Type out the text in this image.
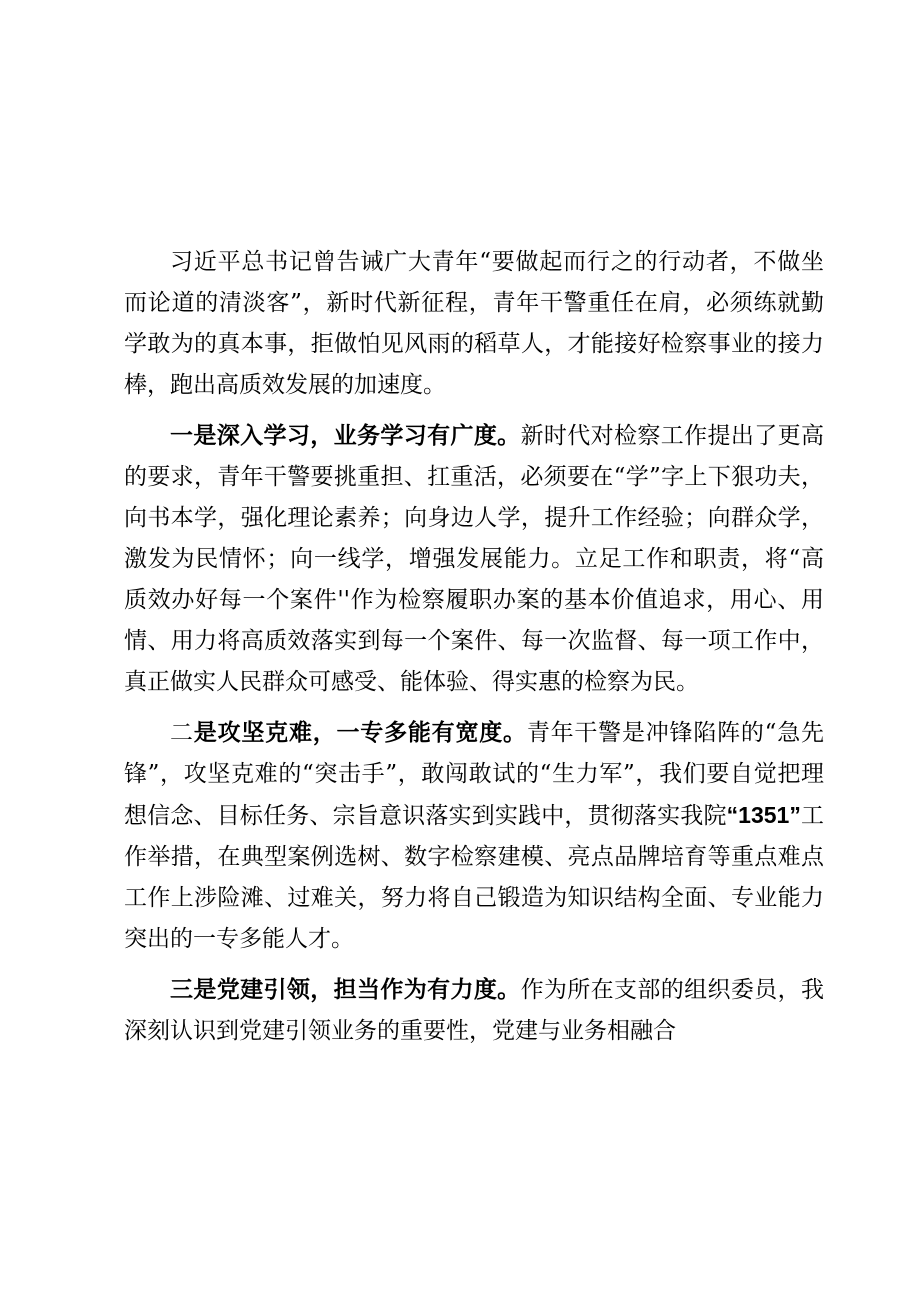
习近平总书记曾告诫广大青年“要做起而行之的行动者，不做坐而论道的清淡客”，新时代新征程，青年干警重任在肩，必须练就勤学敢为的真本事，拒做怕见风雨的稻草人，才能接好检察事业的接力棒，跑出高质效发展的加速度。

一是深入学习，业务学习有广度。新时代对检察工作提出了更高的要求，青年干警要挑重担、扛重活，必须要在“学”字上下狠功夫，向书本学，强化理论素养；向身边人学，提升工作经验；向群众学，激发为民情怀；向一线学，增强发展能力。立足工作和职责，将“高质效办好每一个案件''作为检察履职办案的基本价值追求，用心、用情、用力将高质效落实到每一个案件、每一次监督、每一项工作中，真正做实人民群众可感受、能体验、得实惠的检察为民。

二是攻坚克难，一专多能有宽度。青年干警是冲锋陷阵的“急先锋”，攻坚克难的“突击手”，敢闯敢试的“生力军”，我们要自觉把理想信念、目标任务、宗旨意识落实到实践中，贯彻落实我院“1351”工作举措，在典型案例选树、数字检察建模、亮点品牌培育等重点难点工作上涉险滩、过难关，努力将自己锻造为知识结构全面、专业能力突出的一专多能人才。

三是党建引领，担当作为有力度。作为所在支部的组织委员，我深刻认识到党建引领业务的重要性，党建与业务相融合
